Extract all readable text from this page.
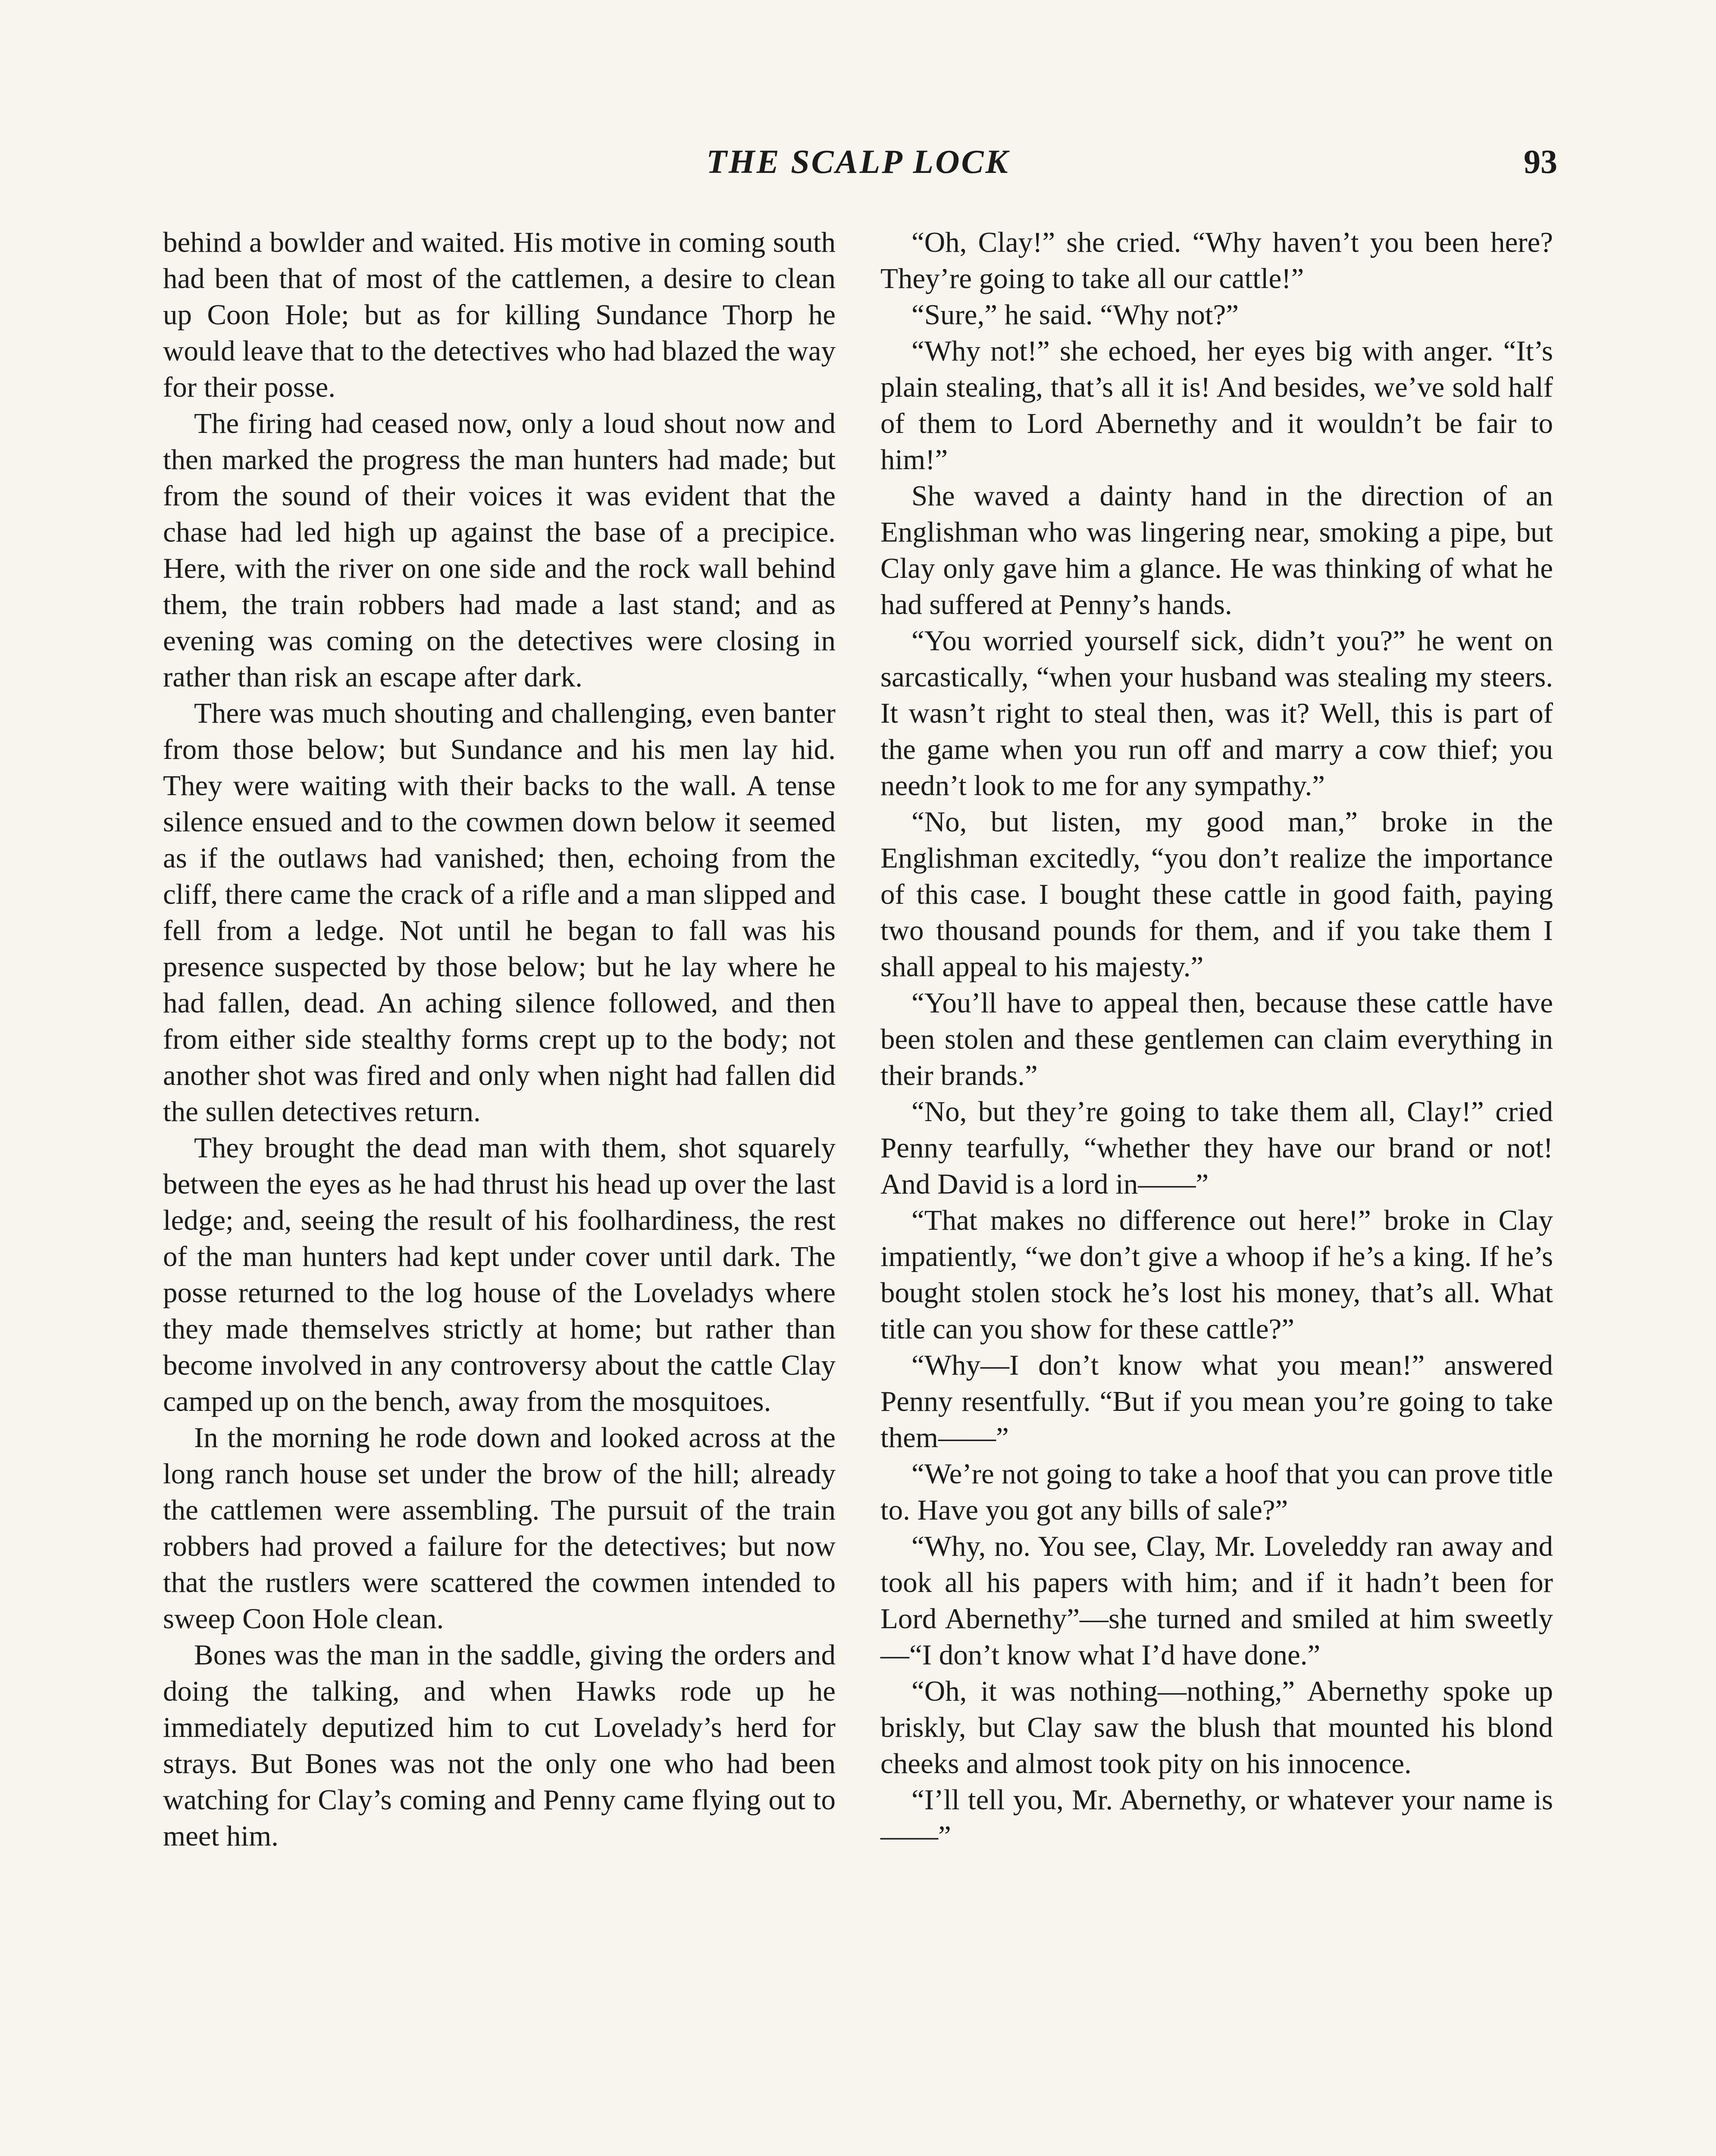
THE SCALP LOCK	93

behind a bowlder and waited. His motive in coming south had been that of most of the cattlemen, a desire to clean up Coon Hole; but as for killing Sundance Thorp he would leave that to the detectives who had blazed the way for their posse.

The firing had ceased now, only a loud shout now and then marked the progress the man hunters had made; but from the sound of their voices it was evident that the chase had led high up against the base of a precipice. Here, with the river on one side and the rock wall behind them, the train robbers had made a last stand; and as evening was coming on the detectives were closing in rather than risk an escape after dark.

There was much shouting and challenging, even banter from those below; but Sundance and his men lay hid. They were waiting with their backs to the wall. A tense silence ensued and to the cowmen down below it seemed as if the outlaws had vanished; then, echoing from the cliff, there came the crack of a rifle and a man slipped and fell from a ledge. Not until he began to fall was his presence suspected by those below; but he lay where he had fallen, dead. An aching silence followed, and then from either side stealthy forms crept up to the body; not another shot was fired and only when night had fallen did the sullen detectives return.

They brought the dead man with them, shot squarely between the eyes as he had thrust his head up over the last ledge; and, seeing the result of his foolhardiness, the rest of the man hunters had kept under cover until dark. The posse returned to the log house of the Loveladys where they made themselves strictly at home; but rather than become involved in any controversy about the cattle Clay camped up on the bench, away from the mosquitoes.

In the morning he rode down and looked across at the long ranch house set under the brow of the hill; already the cattlemen were assembling. The pursuit of the train robbers had proved a failure for the detectives; but now that the rustlers were scattered the cowmen intended to sweep Coon Hole clean.

Bones was the man in the saddle, giving the orders and doing the talking, and when Hawks rode up he immediately deputized him to cut Lovelady’s herd for strays. But Bones was not the only one who had been watching for Clay’s coming and Penny came flying out to meet him.

“Oh, Clay!” she cried. “Why haven’t you been here? They’re going to take all our cattle!”

“Sure,” he said. “Why not?”

“Why not!” she echoed, her eyes big with anger. “It’s plain stealing, that’s all it is! And besides, we’ve sold half of them to Lord Abernethy and it wouldn’t be fair to him!”

She waved a dainty hand in the direction of an Englishman who was lingering near, smoking a pipe, but Clay only gave him a glance. He was thinking of what he had suffered at Penny’s hands.

“You worried yourself sick, didn’t you?” he went on sarcastically, “when your husband was stealing my steers. It wasn’t right to steal then, was it? Well, this is part of the game when you run off and marry a cow thief; you needn’t look to me for any sympathy.”

“No, but listen, my good man,” broke in the Englishman excitedly, “you don’t realize the importance of this case. I bought these cattle in good faith, paying two thousand pounds for them, and if you take them I shall appeal to his majesty.”

“You’ll have to appeal then, because these cattle have been stolen and these gentlemen can claim everything in their brands.”

“No, but they’re going to take them all, Clay!” cried Penny tearfully, “whether they have our brand or not! And David is a lord in——”

“That makes no difference out here!” broke in Clay impatiently, “we don’t give a whoop if he’s a king. If he’s bought stolen stock he’s lost his money, that’s all. What title can you show for these cattle?”

“Why—I don’t know what you mean!” answered Penny resentfully. “But if you mean you’re going to take them——”

“We’re not going to take a hoof that you can prove title to. Have you got any bills of sale?”

“Why, no. You see, Clay, Mr. Loveleddy ran away and took all his papers with him; and if it hadn’t been for Lord Abernethy”—she turned and smiled at him sweetly—“I don’t know what I’d have done.”

“Oh, it was nothing—nothing,” Abernethy spoke up briskly, but Clay saw the blush that mounted his blond cheeks and almost took pity on his innocence.

“I’ll tell you, Mr. Abernethy, or whatever your name is——”
